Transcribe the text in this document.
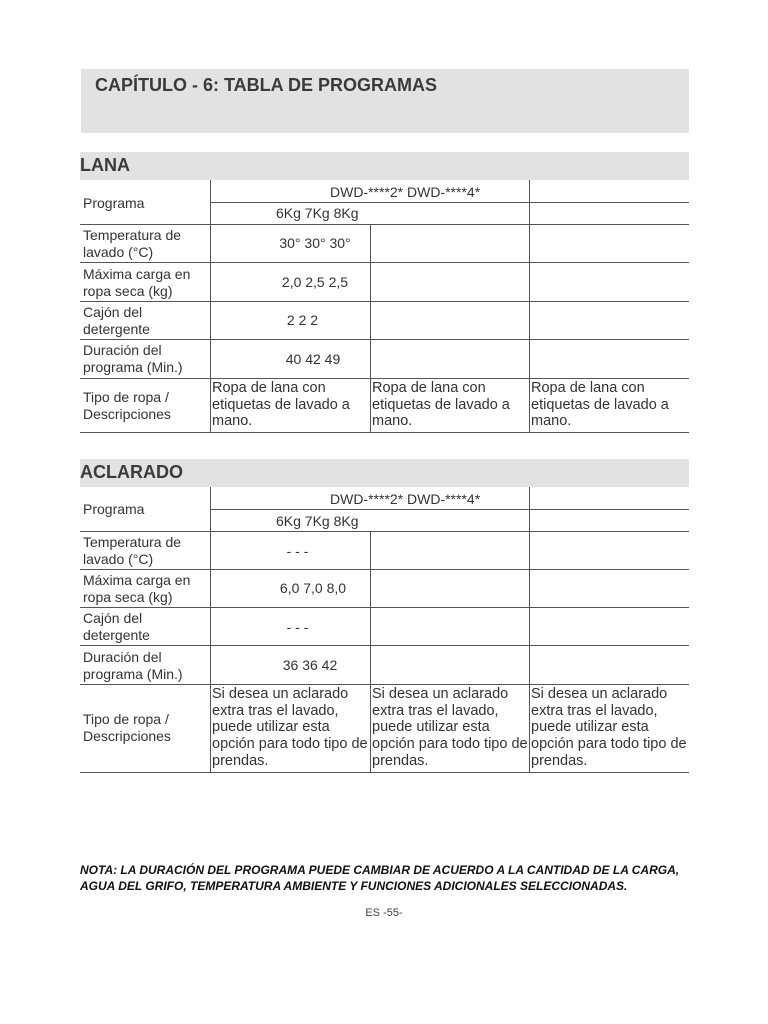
CAPÍTULO - 6: TABLA DE PROGRAMAS
LANA
Programa
Temperatura de lavado (°C)
Máxima carga en ropa seca (kg)
Cajón del detergente
Duración del programa (Min.)
Tipo de ropa / Descripciones
DWD-****2* DWD-****4*
6Kg 7Kg 8Kg
30° 30° 30°
2,0 2,5 2,5
2 2 2
40 42 49
Ropa de lana con etiquetas de lavado a mano.
Ropa de lana con etiquetas de lavado a mano.
Ropa de lana con etiquetas de lavado a mano.
ACLARADO
Programa
Temperatura de lavado (°C)
Máxima carga en ropa seca (kg)
Cajón del detergente
Duración del programa (Min.)
Tipo de ropa / Descripciones
DWD-****2* DWD-****4*
6Kg 7Kg 8Kg
- - -
6,0 7,0 8,0
- - -
36 36 42
Si desea un aclarado extra tras el lavado, puede utilizar esta opción para todo tipo de prendas.
Si desea un aclarado extra tras el lavado, puede utilizar esta opción para todo tipo de prendas.
Si desea un aclarado extra tras el lavado, puede utilizar esta opción para todo tipo de prendas.
NOTA: LA DURACIÓN DEL PROGRAMA PUEDE CAMBIAR DE ACUERDO A LA CANTIDAD DE LA CARGA, AGUA DEL GRIFO, TEMPERATURA AMBIENTE Y FUNCIONES ADICIONALES SELECCIONADAS.
ES -55-
